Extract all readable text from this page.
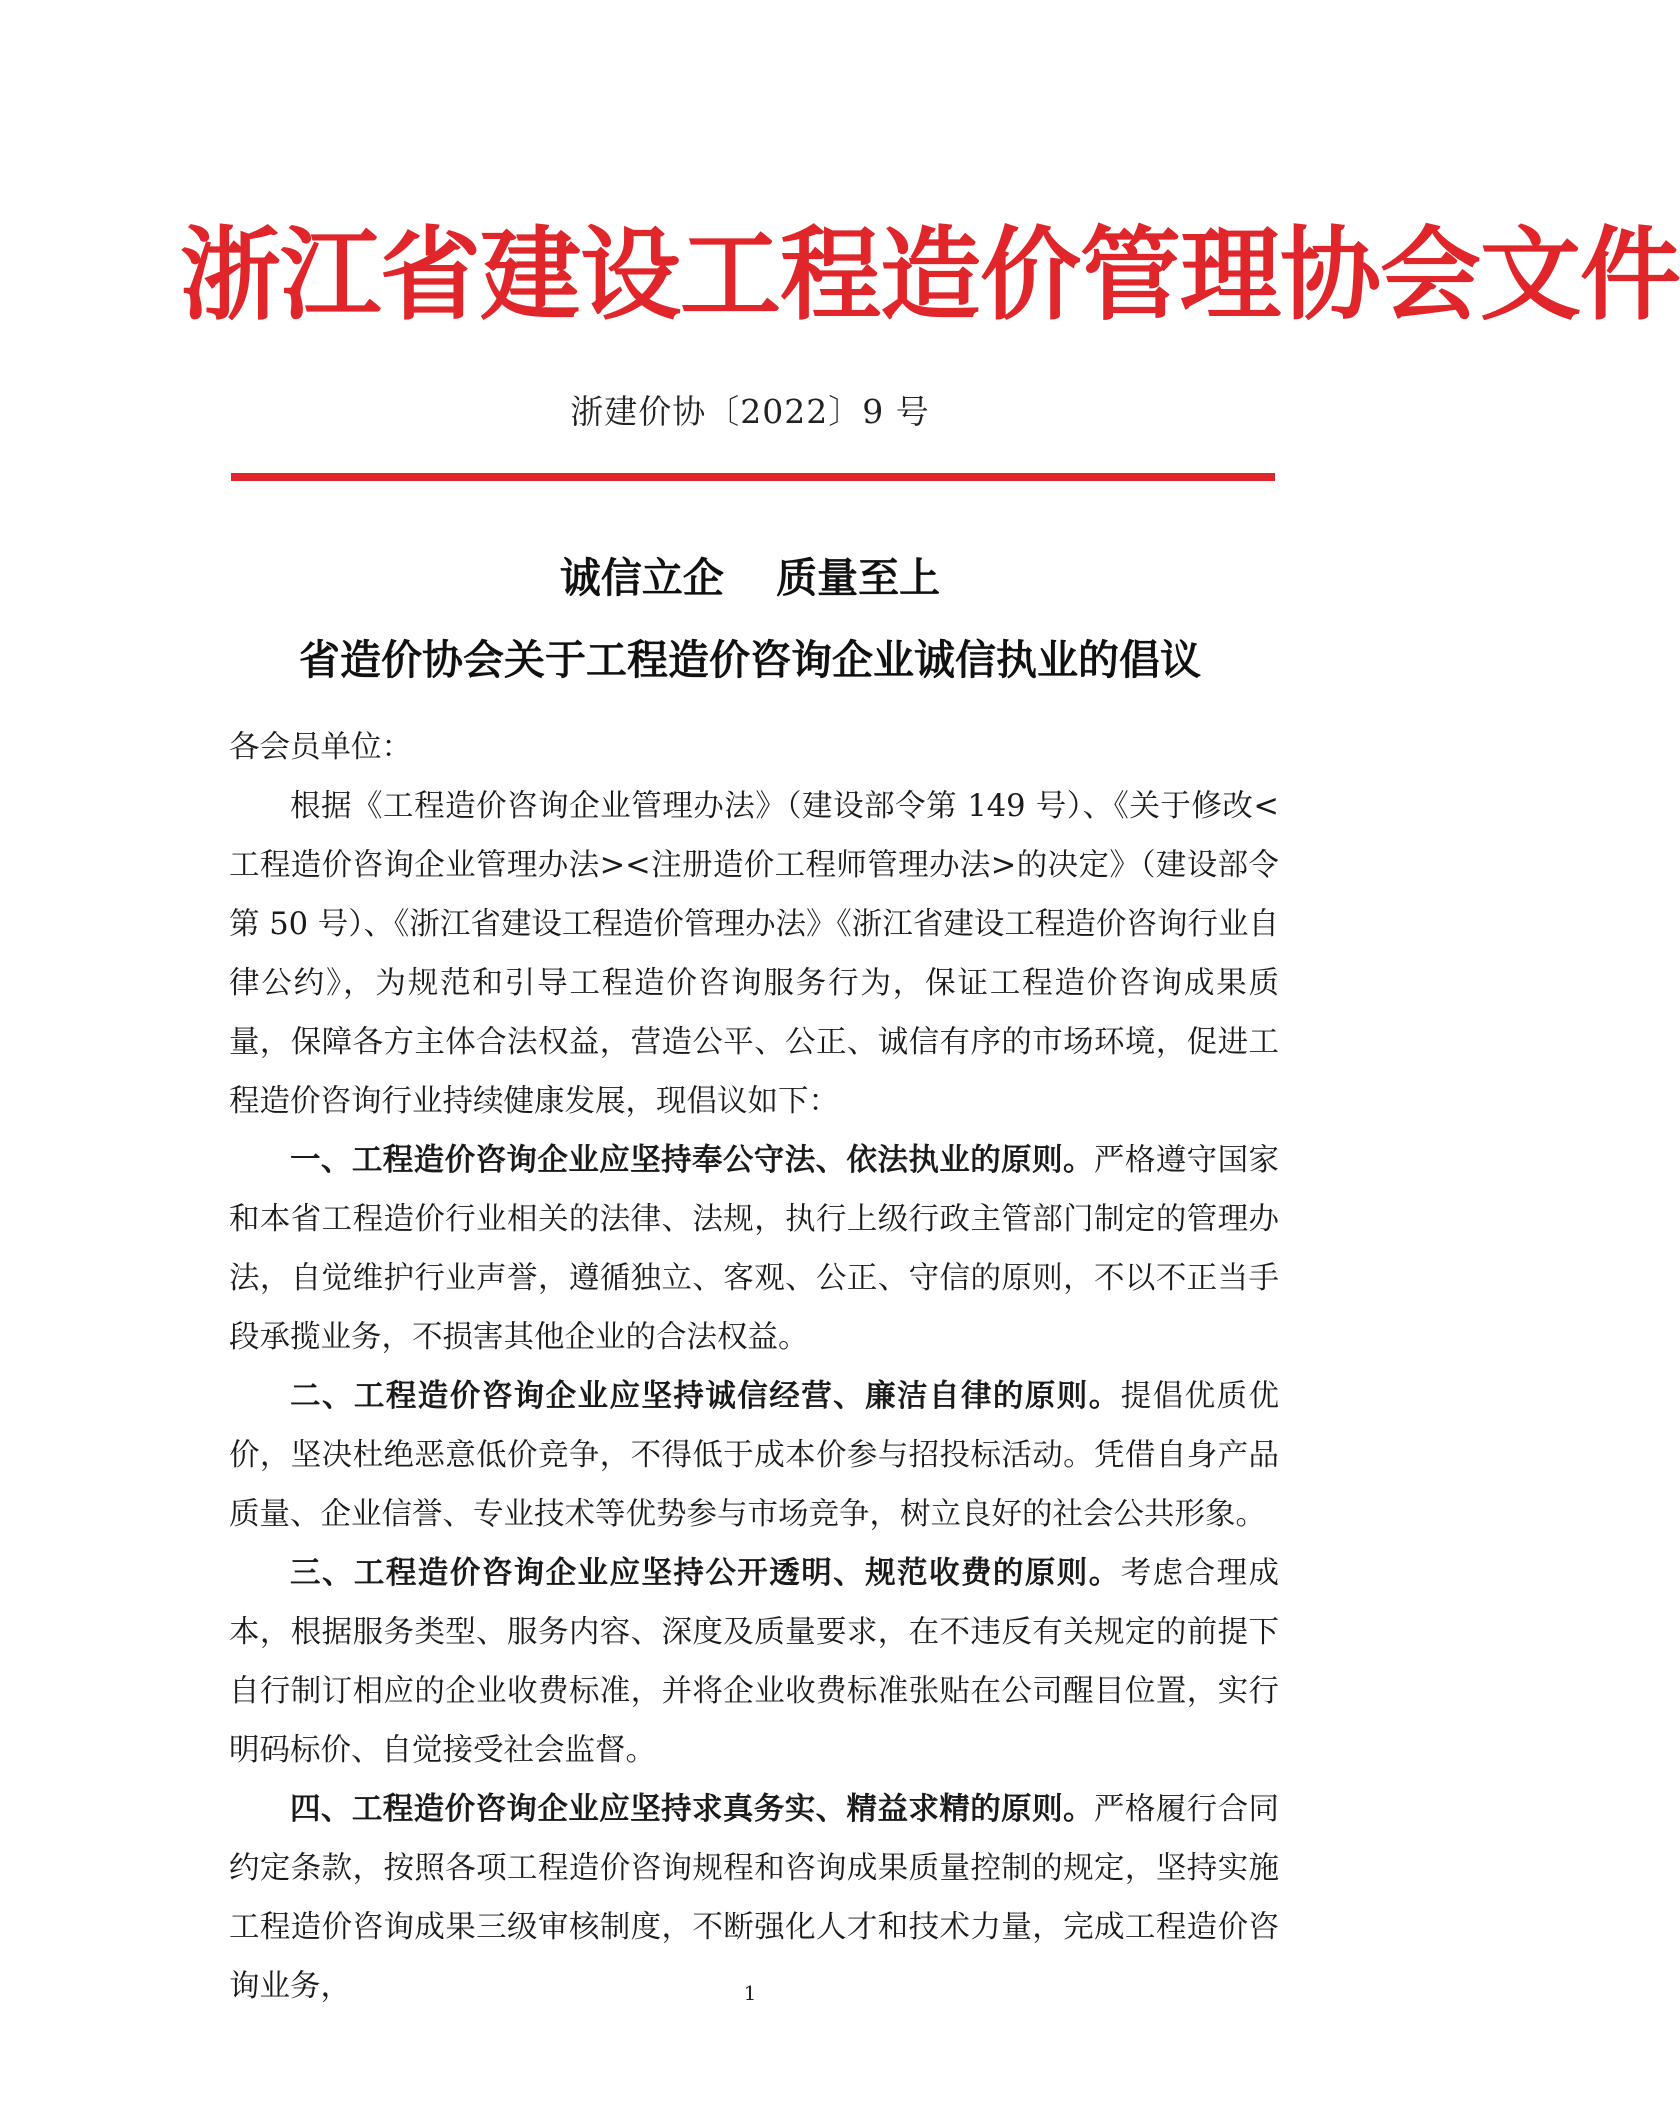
浙江省建设工程造价管理协会文件
浙建价协〔2022〕9 号
诚信立企 质量至上
省造价协会关于工程造价咨询企业诚信执业的倡议

各会员单位：

根据《工程造价咨询企业管理办法》（建设部令第 149 号）、《关于修改<工程造价咨询企业管理办法><注册造价工程师管理办法>的决定》（建设部令第 50 号）、《浙江省建设工程造价管理办法》《浙江省建设工程造价咨询行业自律公约》，为规范和引导工程造价咨询服务行为，保证工程造价咨询成果质量，保障各方主体合法权益，营造公平、公正、诚信有序的市场环境，促进工程造价咨询行业持续健康发展，现倡议如下：

一、工程造价咨询企业应坚持奉公守法、依法执业的原则。严格遵守国家和本省工程造价行业相关的法律、法规，执行上级行政主管部门制定的管理办法，自觉维护行业声誉，遵循独立、客观、公正、守信的原则，不以不正当手段承揽业务，不损害其他企业的合法权益。

二、工程造价咨询企业应坚持诚信经营、廉洁自律的原则。提倡优质优价，坚决杜绝恶意低价竞争，不得低于成本价参与招投标活动。凭借自身产品质量、企业信誉、专业技术等优势参与市场竞争，树立良好的社会公共形象。

三、工程造价咨询企业应坚持公开透明、规范收费的原则。考虑合理成本，根据服务类型、服务内容、深度及质量要求，在不违反有关规定的前提下自行制订相应的企业收费标准，并将企业收费标准张贴在公司醒目位置，实行明码标价、自觉接受社会监督。

四、工程造价咨询企业应坚持求真务实、精益求精的原则。严格履行合同约定条款，按照各项工程造价咨询规程和咨询成果质量控制的规定，坚持实施工程造价咨询成果三级审核制度，不断强化人才和技术力量，完成工程造价咨询业务，	1
